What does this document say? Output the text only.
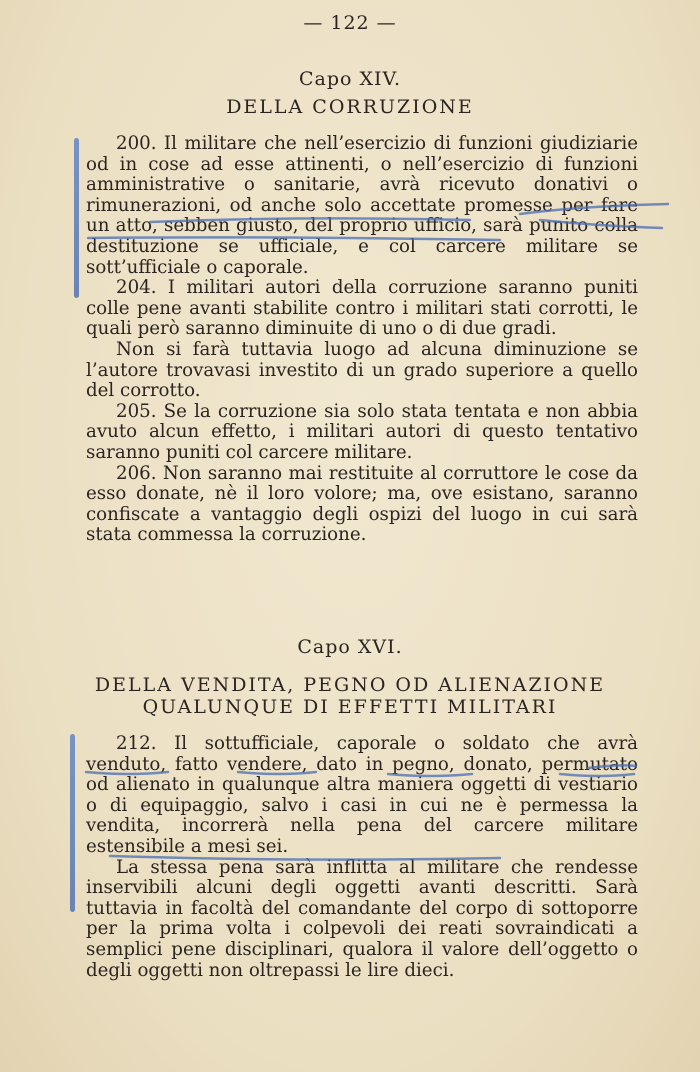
— 122 —
Capo XIV.
DELLA CORRUZIONE

200. Il militare che nell’esercizio di funzioni giudiziarie od in cose ad esse attinenti, o nell’esercizio di funzioni amministrative o sanitarie, avrà ricevuto donativi o rimunerazioni, od anche solo accettate promesse per fare un atto, sebben giusto, del proprio ufficio, sarà punito colla destituzione se ufficiale, e col carcere militare se sott’ufficiale o caporale.

204. I militari autori della corruzione saranno puniti colle pene avanti stabilite contro i militari stati corrotti, le quali però saranno diminuite di uno o di due gradi.

Non si farà tuttavia luogo ad alcuna diminuzione se l’autore trovavasi investito di un grado superiore a quello del corrotto.

205. Se la corruzione sia solo stata tentata e non abbia avuto alcun effetto, i militari autori di questo tentativo saranno puniti col carcere militare.

206. Non saranno mai restituite al corruttore le cose da esso donate, nè il loro volore; ma, ove esistano, saranno confiscate a vantaggio degli ospizi del luogo in cui sarà stata commessa la corruzione.

Capo XVI.
DELLA VENDITA, PEGNO OD ALIENAZIONE
QUALUNQUE DI EFFETTI MILITARI

212. Il sottufficiale, caporale o soldato che avrà venduto, fatto vendere, dato in pegno, donato, permutato od alienato in qualunque altra maniera oggetti di vestiario o di equipaggio, salvo i casi in cui ne è permessa la vendita, incorrerà nella pena del carcere militare estensibile a mesi sei.

La stessa pena sarà inflitta al militare che rendesse inservibili alcuni degli oggetti avanti descritti. Sarà tuttavia in facoltà del comandante del corpo di sottoporre per la prima volta i colpevoli dei reati sovraindicati a semplici pene disciplinari, qualora il valore dell’oggetto o degli oggetti non oltrepassi le lire dieci.
